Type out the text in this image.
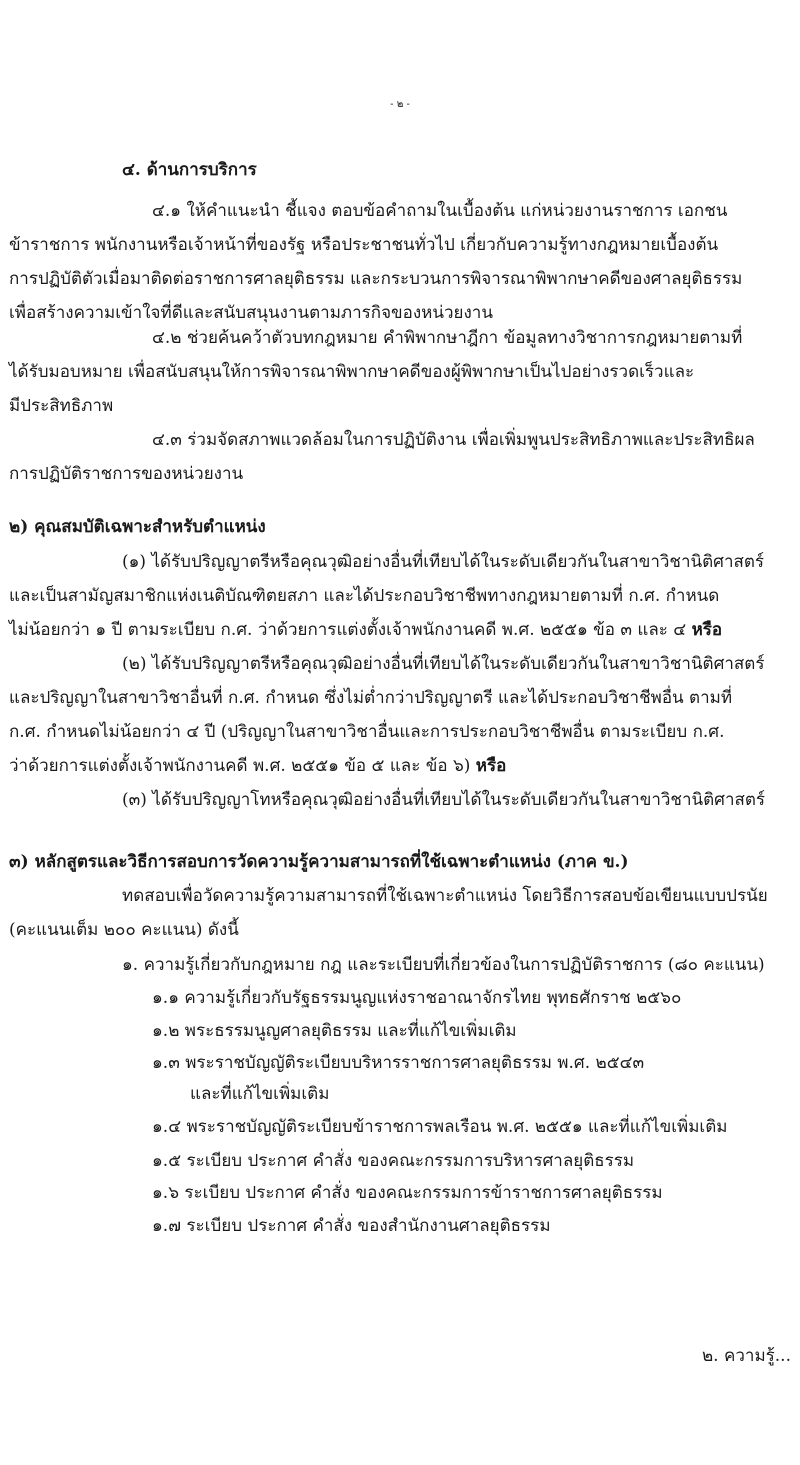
- ๒ -
๔. ด้านการบริการ
๔.๑ ให้คำแนะนำ ชี้แจง ตอบข้อคำถามในเบื้องต้น แก่หน่วยงานราชการ เอกชน
ข้าราชการ พนักงานหรือเจ้าหน้าที่ของรัฐ หรือประชาชนทั่วไป เกี่ยวกับความรู้ทางกฎหมายเบื้องต้น
การปฏิบัติตัวเมื่อมาติดต่อราชการศาลยุติธรรม และกระบวนการพิจารณาพิพากษาคดีของศาลยุติธรรม
เพื่อสร้างความเข้าใจที่ดีและสนับสนุนงานตามภารกิจของหน่วยงาน
๔.๒ ช่วยค้นคว้าตัวบทกฎหมาย คำพิพากษาฎีกา ข้อมูลทางวิชาการกฎหมายตามที่
ได้รับมอบหมาย เพื่อสนับสนุนให้การพิจารณาพิพากษาคดีของผู้พิพากษาเป็นไปอย่างรวดเร็วและ
มีประสิทธิภาพ
๔.๓ ร่วมจัดสภาพแวดล้อมในการปฏิบัติงาน เพื่อเพิ่มพูนประสิทธิภาพและประสิทธิผล
การปฏิบัติราชการของหน่วยงาน
๒) คุณสมบัติเฉพาะสำหรับตำแหน่ง
(๑) ได้รับปริญญาตรีหรือคุณวุฒิอย่างอื่นที่เทียบได้ในระดับเดียวกันในสาขาวิชานิติศาสตร์
และเป็นสามัญสมาชิกแห่งเนติบัณฑิตยสภา และได้ประกอบวิชาชีพทางกฎหมายตามที่ ก.ศ. กำหนด
ไม่น้อยกว่า ๑ ปี ตามระเบียบ ก.ศ. ว่าด้วยการแต่งตั้งเจ้าพนักงานคดี พ.ศ. ๒๕๕๑ ข้อ ๓ และ ๔ หรือ
(๒) ได้รับปริญญาตรีหรือคุณวุฒิอย่างอื่นที่เทียบได้ในระดับเดียวกันในสาขาวิชานิติศาสตร์
และปริญญาในสาขาวิชาอื่นที่ ก.ศ. กำหนด ซึ่งไม่ต่ำกว่าปริญญาตรี และได้ประกอบวิชาชีพอื่น ตามที่
ก.ศ. กำหนดไม่น้อยกว่า ๔ ปี (ปริญญาในสาขาวิชาอื่นและการประกอบวิชาชีพอื่น ตามระเบียบ ก.ศ.
ว่าด้วยการแต่งตั้งเจ้าพนักงานคดี พ.ศ. ๒๕๕๑ ข้อ ๕ และ ข้อ ๖) หรือ
(๓) ได้รับปริญญาโทหรือคุณวุฒิอย่างอื่นที่เทียบได้ในระดับเดียวกันในสาขาวิชานิติศาสตร์
๓) หลักสูตรและวิธีการสอบการวัดความรู้ความสามารถที่ใช้เฉพาะตำแหน่ง (ภาค ข.)
ทดสอบเพื่อวัดความรู้ความสามารถที่ใช้เฉพาะตำแหน่ง โดยวิธีการสอบข้อเขียนแบบปรนัย
(คะแนนเต็ม ๒๐๐ คะแนน) ดังนี้
๑. ความรู้เกี่ยวกับกฎหมาย กฎ และระเบียบที่เกี่ยวข้องในการปฏิบัติราชการ (๘๐ คะแนน)
๑.๑ ความรู้เกี่ยวกับรัฐธรรมนูญแห่งราชอาณาจักรไทย พุทธศักราช ๒๕๖๐
๑.๒ พระธรรมนูญศาลยุติธรรม และที่แก้ไขเพิ่มเติม
๑.๓ พระราชบัญญัติระเบียบบริหารราชการศาลยุติธรรม พ.ศ. ๒๕๔๓
และที่แก้ไขเพิ่มเติม
๑.๔ พระราชบัญญัติระเบียบข้าราชการพลเรือน พ.ศ. ๒๕๕๑ และที่แก้ไขเพิ่มเติม
๑.๕ ระเบียบ ประกาศ คำสั่ง ของคณะกรรมการบริหารศาลยุติธรรม
๑.๖ ระเบียบ ประกาศ คำสั่ง ของคณะกรรมการข้าราชการศาลยุติธรรม
๑.๗ ระเบียบ ประกาศ คำสั่ง ของสำนักงานศาลยุติธรรม
๒. ความรู้...
